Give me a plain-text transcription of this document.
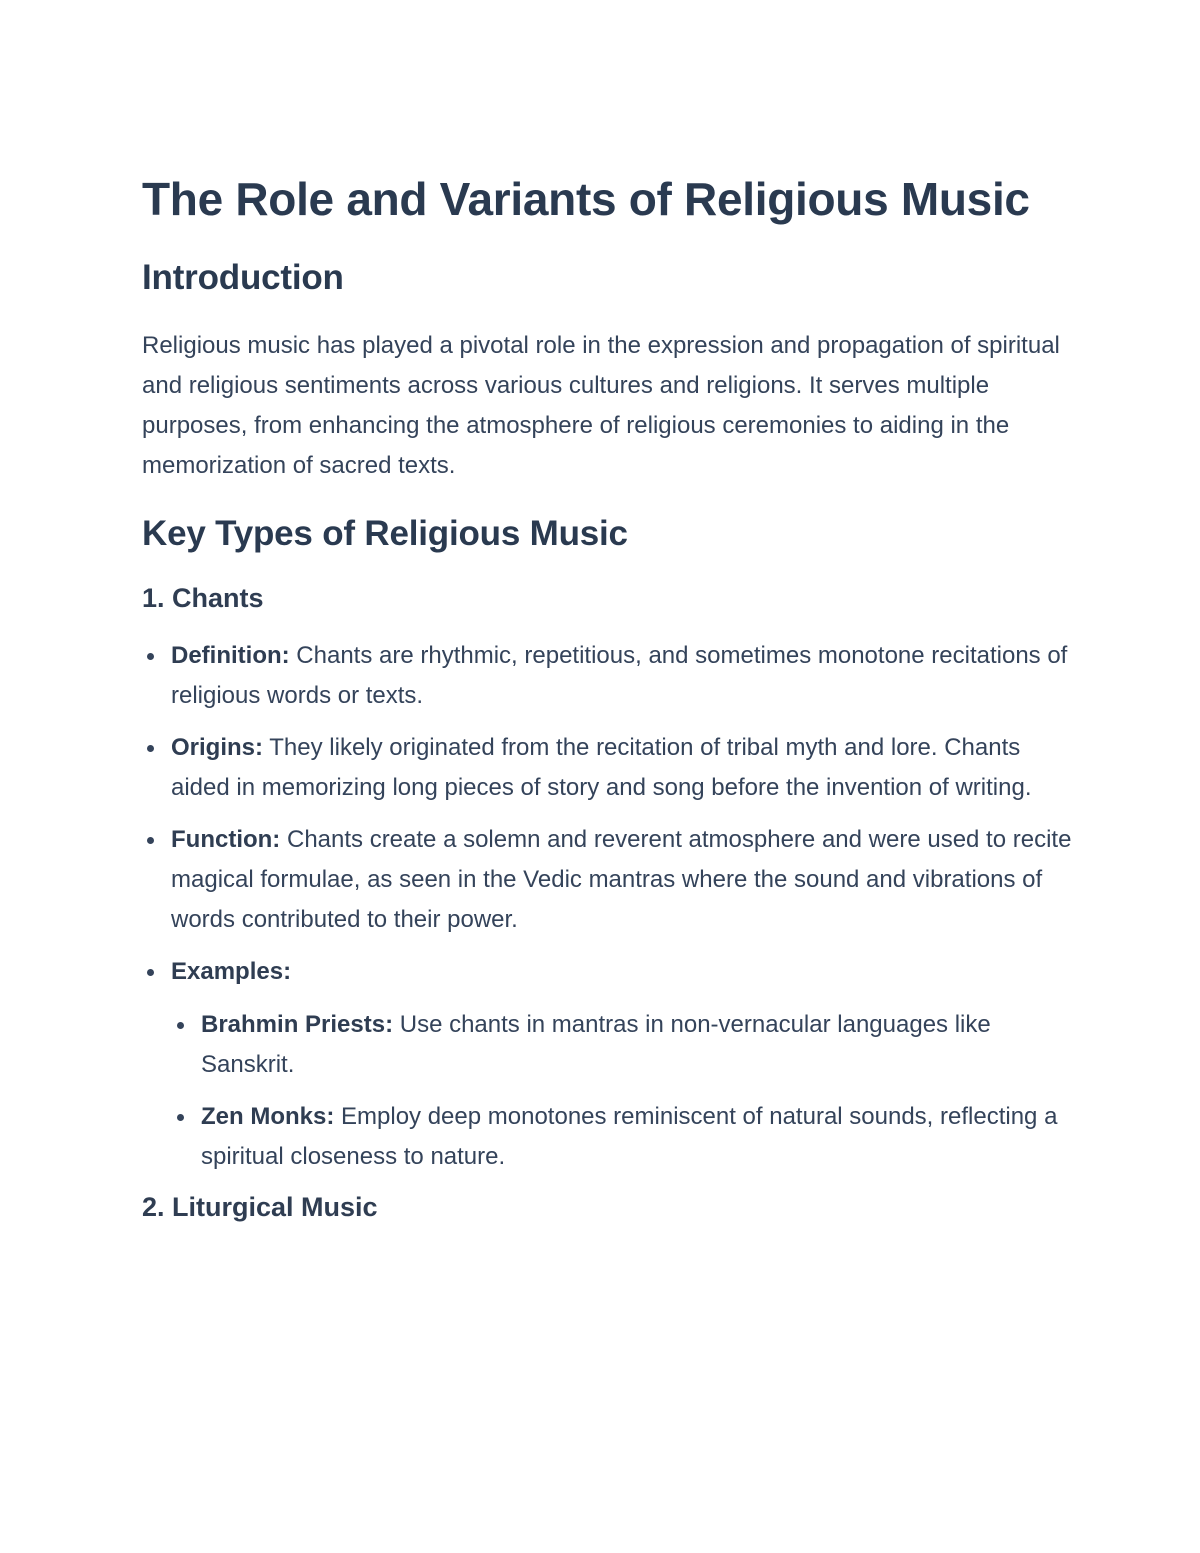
The Role and Variants of Religious Music
Introduction

Religious music has played a pivotal role in the expression and propagation of spiritual and religious sentiments across various cultures and religions. It serves multiple purposes, from enhancing the atmosphere of religious ceremonies to aiding in the memorization of sacred texts.

Key Types of Religious Music
1. Chants
Definition: Chants are rhythmic, repetitious, and sometimes monotone recitations of religious words or texts.
Origins: They likely originated from the recitation of tribal myth and lore. Chants aided in memorizing long pieces of story and song before the invention of writing.
Function: Chants create a solemn and reverent atmosphere and were used to recite magical formulae, as seen in the Vedic mantras where the sound and vibrations of words contributed to their power.
Examples:
Brahmin Priests: Use chants in mantras in non-vernacular languages like Sanskrit.
Zen Monks: Employ deep monotones reminiscent of natural sounds, reflecting a spiritual closeness to nature.
2. Liturgical Music
